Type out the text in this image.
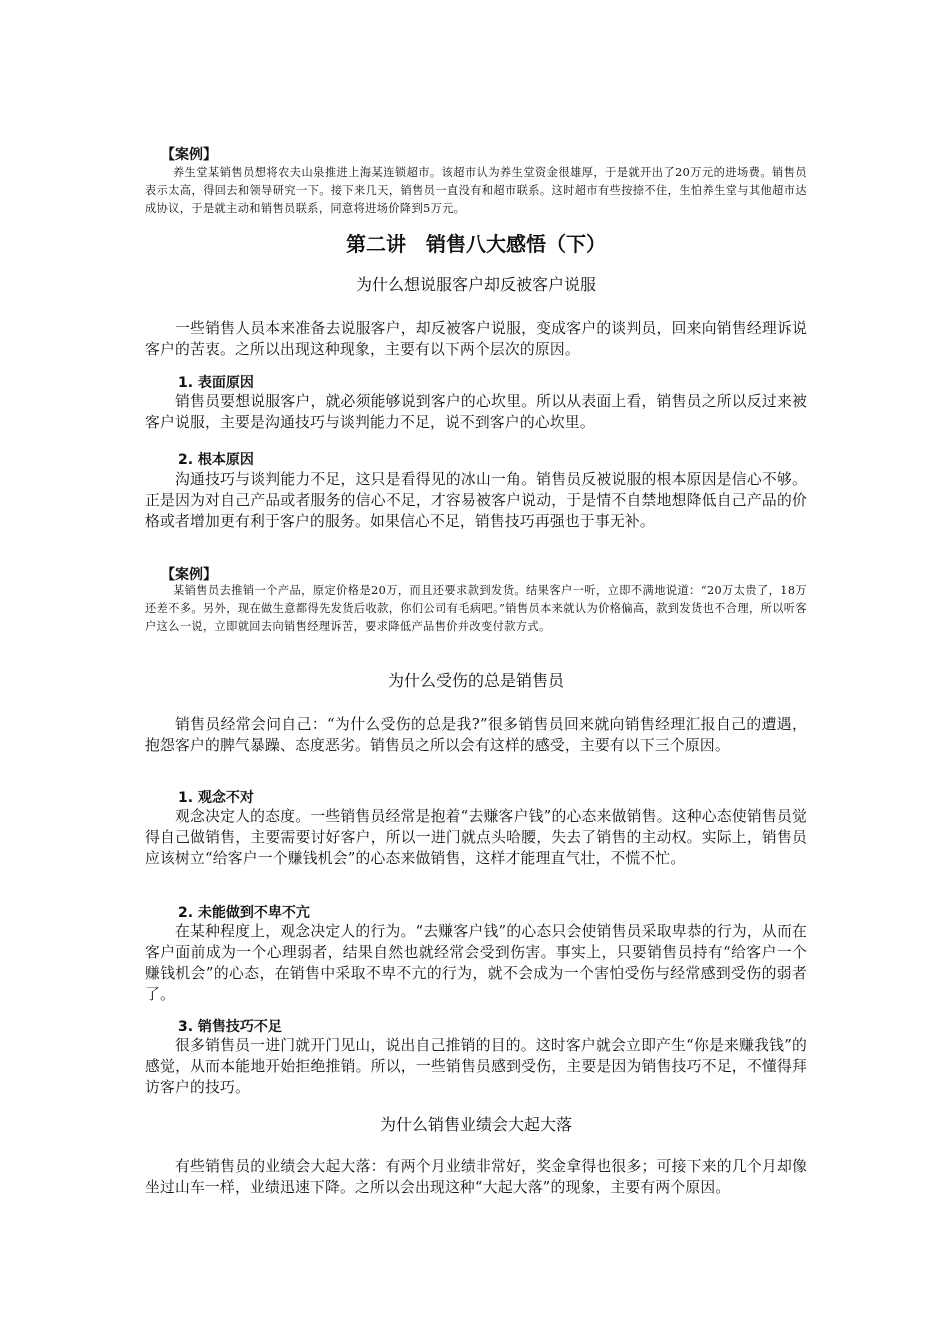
【案例】

养生堂某销售员想将农夫山泉推进上海某连锁超市。该超市认为养生堂资金很雄厚，于是就开出了20万元的进场费。销售员表示太高，得回去和领导研究一下。接下来几天，销售员一直没有和超市联系。这时超市有些按捺不住，生怕养生堂与其他超市达成协议，于是就主动和销售员联系，同意将进场价降到5万元。

第二讲　销售八大感悟（下）
为什么想说服客户却反被客户说服

一些销售人员本来准备去说服客户，却反被客户说服，变成客户的谈判员，回来向销售经理诉说客户的苦衷。之所以出现这种现象，主要有以下两个层次的原因。

1. 表面原因

销售员要想说服客户，就必须能够说到客户的心坎里。所以从表面上看，销售员之所以反过来被客户说服，主要是沟通技巧与谈判能力不足，说不到客户的心坎里。

2. 根本原因

沟通技巧与谈判能力不足，这只是看得见的冰山一角。销售员反被说服的根本原因是信心不够。正是因为对自己产品或者服务的信心不足，才容易被客户说动，于是情不自禁地想降低自己产品的价格或者增加更有利于客户的服务。如果信心不足，销售技巧再强也于事无补。

【案例】

某销售员去推销一个产品，原定价格是20万，而且还要求款到发货。结果客户一听，立即不满地说道：“20万太贵了，18万还差不多。另外，现在做生意都得先发货后收款，你们公司有毛病吧。”销售员本来就认为价格偏高，款到发货也不合理，所以听客户这么一说，立即就回去向销售经理诉苦，要求降低产品售价并改变付款方式。

为什么受伤的总是销售员

销售员经常会问自己：“为什么受伤的总是我?”很多销售员回来就向销售经理汇报自己的遭遇，抱怨客户的脾气暴躁、态度恶劣。销售员之所以会有这样的感受，主要有以下三个原因。

1. 观念不对

观念决定人的态度。一些销售员经常是抱着“去赚客户钱”的心态来做销售。这种心态使销售员觉得自己做销售，主要需要讨好客户，所以一进门就点头哈腰，失去了销售的主动权。实际上，销售员应该树立“给客户一个赚钱机会”的心态来做销售，这样才能理直气壮，不慌不忙。

2. 未能做到不卑不亢

在某种程度上，观念决定人的行为。“去赚客户钱”的心态只会使销售员采取卑恭的行为，从而在客户面前成为一个心理弱者，结果自然也就经常会受到伤害。事实上，只要销售员持有“给客户一个赚钱机会”的心态，在销售中采取不卑不亢的行为，就不会成为一个害怕受伤与经常感到受伤的弱者了。

3. 销售技巧不足

很多销售员一进门就开门见山，说出自己推销的目的。这时客户就会立即产生“你是来赚我钱”的感觉，从而本能地开始拒绝推销。所以，一些销售员感到受伤，主要是因为销售技巧不足，不懂得拜访客户的技巧。

为什么销售业绩会大起大落

有些销售员的业绩会大起大落：有两个月业绩非常好，奖金拿得也很多；可接下来的几个月却像坐过山车一样，业绩迅速下降。之所以会出现这种“大起大落”的现象，主要有两个原因。
